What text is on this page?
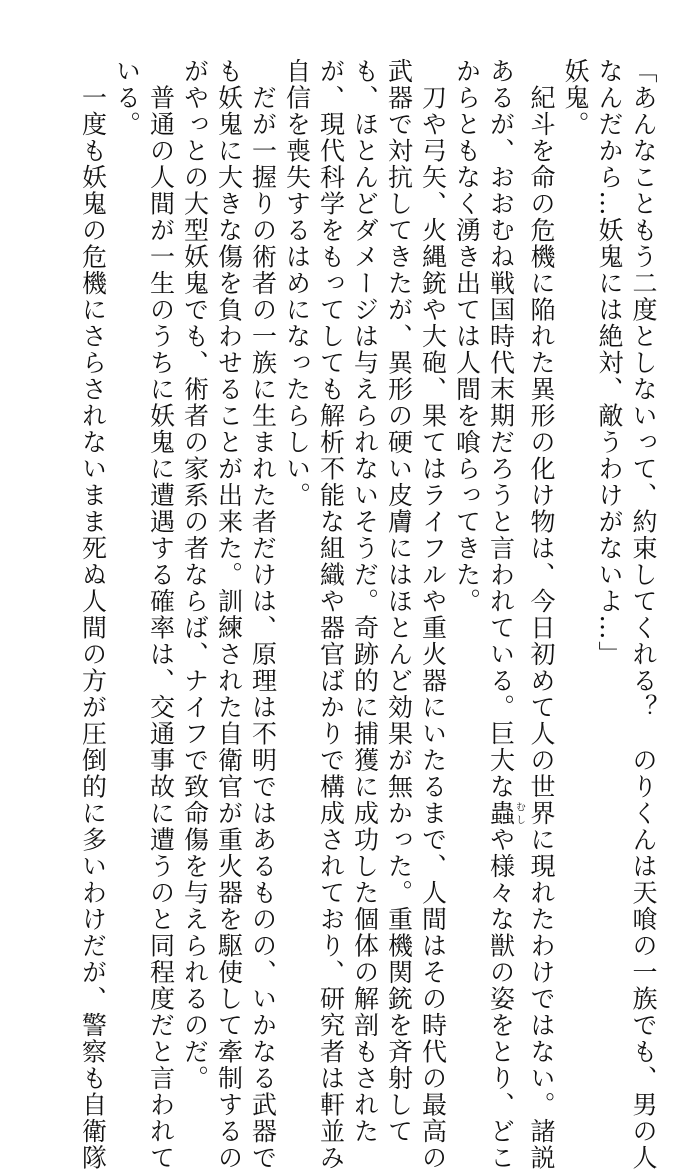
「あんなこともう二度としないって、約束してくれる？　のりくんは天喰の一族でも、男の人

なんだから…妖鬼には絶対、敵うわけがないよ…」

妖鬼。

　紀斗を命の危機に陥れた異形の化け物は、今日初めて人の世界に現れたわけではない。諸説

あるが、おおむね戦国時代末期だろうと言われている。巨大な蟲むしや様々な獣の姿をとり、どこ

からともなく湧き出ては人間を喰らってきた。

　刀や弓矢、火縄銃や大砲、果てはライフルや重火器にいたるまで、人間はその時代の最高の

武器で対抗してきたが、異形の硬い皮膚にはほとんど効果が無かった。重機関銃を斉射して

も、ほとんどダメージは与えられないそうだ。奇跡的に捕獲に成功した個体の解剖もされた

が、現代科学をもってしても解析不能な組織や器官ばかりで構成されており、研究者は軒並み

自信を喪失するはめになったらしい。

　だが一握りの術者の一族に生まれた者だけは、原理は不明ではあるものの、いかなる武器で

も妖鬼に大きな傷を負わせることが出来た。訓練された自衛官が重火器を駆使して牽制するの

がやっとの大型妖鬼でも、術者の家系の者ならば、ナイフで致命傷を与えられるのだ。

　普通の人間が一生のうちに妖鬼に遭遇する確率は、交通事故に遭うのと同程度だと言われて

いる。

　一度も妖鬼の危機にさらされないまま死ぬ人間の方が圧倒的に多いわけだが、警察も自衛隊
